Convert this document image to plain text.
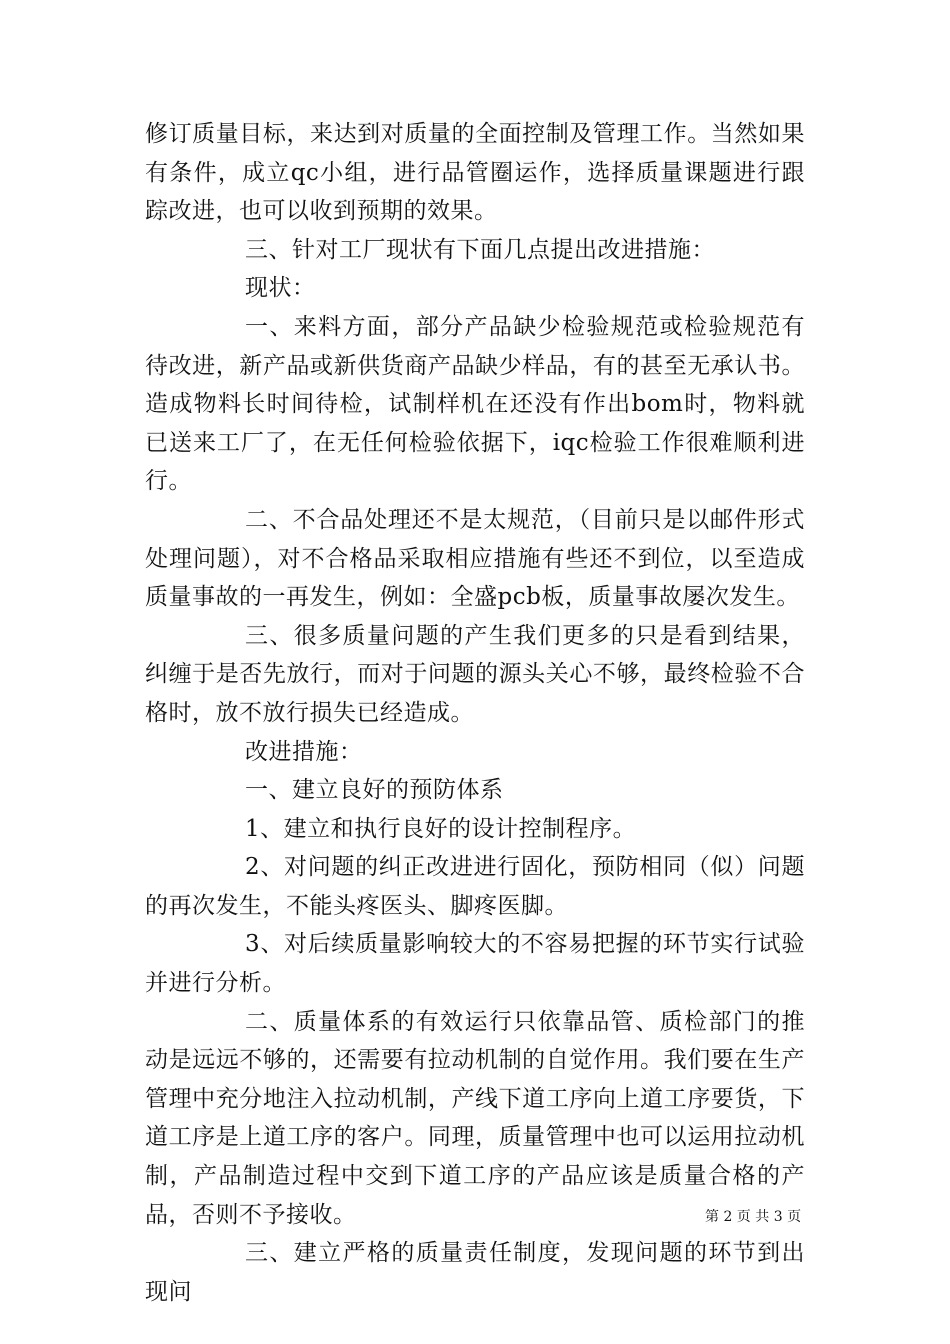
修订质量目标，来达到对质量的全面控制及管理工作。当然如果有条件，成立qc小组，进行品管圈运作，选择质量课题进行跟踪改进，也可以收到预期的效果。

三、针对工厂现状有下面几点提出改进措施：

现状：

一、来料方面，部分产品缺少检验规范或检验规范有待改进，新产品或新供货商产品缺少样品，有的甚至无承认书。造成物料长时间待检，试制样机在还没有作出bom时，物料就已送来工厂了，在无任何检验依据下，iqc检验工作很难顺利进行。

二、不合品处理还不是太规范，（目前只是以邮件形式处理问题），对不合格品采取相应措施有些还不到位，以至造成质量事故的一再发生，例如：全盛pcb板，质量事故屡次发生。

三、很多质量问题的产生我们更多的只是看到结果，纠缠于是否先放行，而对于问题的源头关心不够，最终检验不合格时，放不放行损失已经造成。

改进措施：

一、建立良好的预防体系

1、建立和执行良好的设计控制程序。

2、对问题的纠正改进进行固化，预防相同（似）问题的再次发生，不能头疼医头、脚疼医脚。

3、对后续质量影响较大的不容易把握的环节实行试验并进行分析。

二、质量体系的有效运行只依靠品管、质检部门的推动是远远不够的，还需要有拉动机制的自觉作用。我们要在生产管理中充分地注入拉动机制，产线下道工序向上道工序要货，下道工序是上道工序的客户。同理，质量管理中也可以运用拉动机制，产品制造过程中交到下道工序的产品应该是质量合格的产品，否则不予接收。

三、建立严格的质量责任制度，发现问题的环节到出现问

第 2 页 共 3 页
